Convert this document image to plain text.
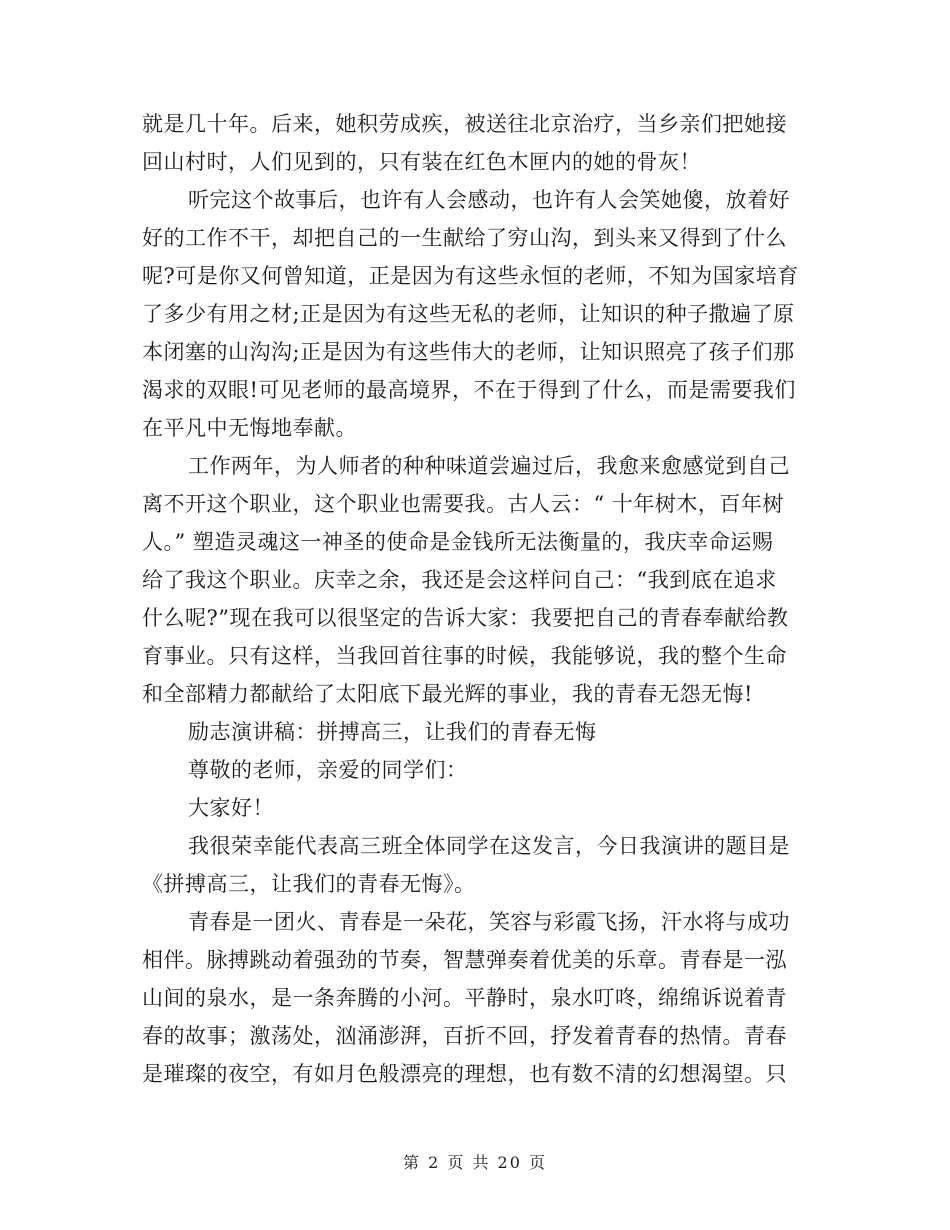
就是几十年。后来，她积劳成疾，被送往北京治疗，当乡亲们把她接
回山村时，人们见到的，只有装在红色木匣内的她的骨灰！
听完这个故事后，也许有人会感动，也许有人会笑她傻，放着好
好的工作不干，却把自己的一生献给了穷山沟，到头来又得到了什么
呢?可是你又何曾知道，正是因为有这些永恒的老师，不知为国家培育
了多少有用之材;正是因为有这些无私的老师，让知识的种子撒遍了原
本闭塞的山沟沟;正是因为有这些伟大的老师，让知识照亮了孩子们那
渴求的双眼!可见老师的最高境界，不在于得到了什么，而是需要我们
在平凡中无悔地奉献。
工作两年，为人师者的种种味道尝遍过后，我愈来愈感觉到自己
离不开这个职业，这个职业也需要我。古人云：“ 十年树木，百年树
人。” 塑造灵魂这一神圣的使命是金钱所无法衡量的，我庆幸命运赐
给了我这个职业。庆幸之余，我还是会这样问自己：“我到底在追求
什么呢?”现在我可以很坚定的告诉大家：我要把自己的青春奉献给教
育事业。只有这样，当我回首往事的时候，我能够说，我的整个生命
和全部精力都献给了太阳底下最光辉的事业，我的青春无怨无悔!
励志演讲稿：拼搏高三，让我们的青春无悔
尊敬的老师，亲爱的同学们：
大家好！
我很荣幸能代表高三班全体同学在这发言，今日我演讲的题目是
《拼搏高三，让我们的青春无悔》。
青春是一团火、青春是一朵花，笑容与彩霞飞扬，汗水将与成功
相伴。脉搏跳动着强劲的节奏，智慧弹奏着优美的乐章。青春是一泓
山间的泉水，是一条奔腾的小河。平静时，泉水叮咚，绵绵诉说着青
春的故事；激荡处，汹涌澎湃，百折不回，抒发着青春的热情。青春
是璀璨的夜空，有如月色般漂亮的理想，也有数不清的幻想渴望。只
第 2 页 共 20 页
